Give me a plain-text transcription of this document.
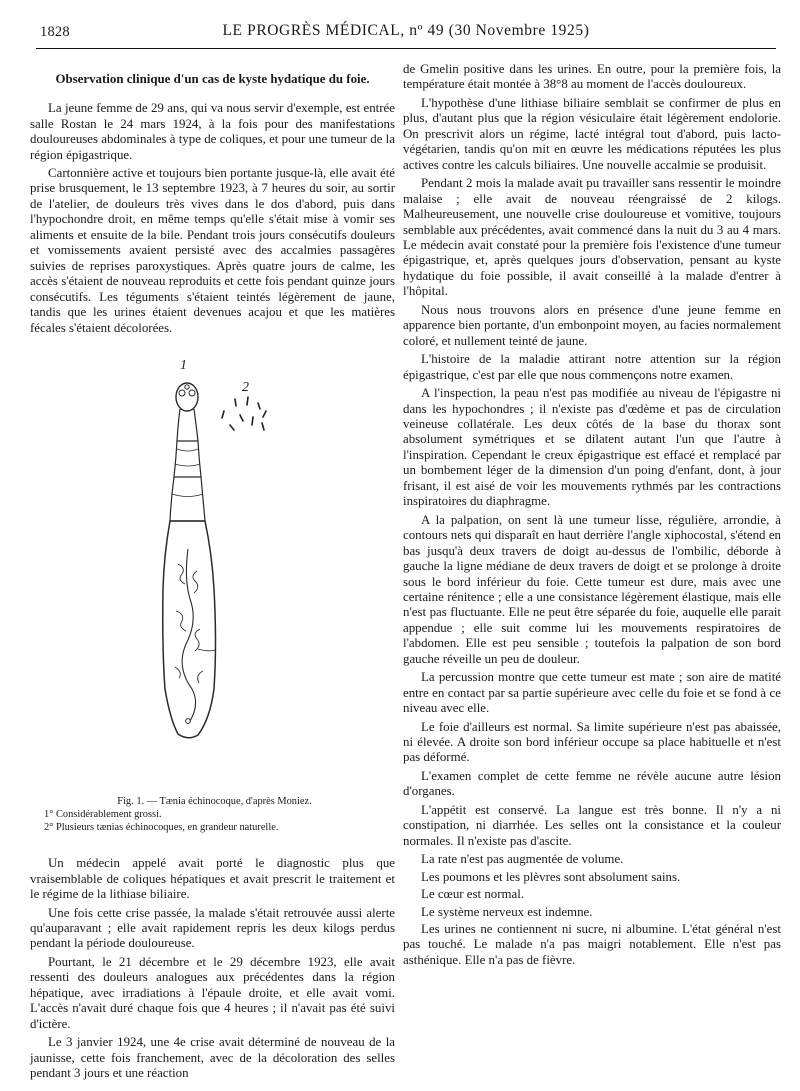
1828	LE PROGRÈS MÉDICAL, nº 49 (30 Novembre 1925)
Observation clinique d'un cas de kyste hydatique du foie.

La jeune femme de 29 ans, qui va nous servir d'exemple, est entrée salle Rostan le 24 mars 1924, à la fois pour des manifestations douloureuses abdominales à type de coliques, et pour une tumeur de la région épigastrique.

Cartonnière active et toujours bien portante jusque-là, elle avait été prise brusquement, le 13 septembre 1923, à 7 heures du soir, au sortir de l'atelier, de douleurs très vives dans le dos d'abord, puis dans l'hypochondre droit, en même temps qu'elle s'était mise à vomir ses aliments et ensuite de la bile. Pendant trois jours consécutifs douleurs et vomissements avaient persisté avec des accalmies passagères suivies de reprises paroxystiques. Après quatre jours de calme, les accès s'étaient de nouveau reproduits et cette fois pendant quinze jours consécutifs. Les téguments s'étaient teintés légèrement de jaune, tandis que les urines étaient devenues acajou et que les matières fécales s'étaient décolorées.

1
2
Fig. 1. — Tænia échinocoque, d'après Moniez.
1° Considérablement grossi.
2° Plusieurs tænias échinocoques, en grandeur naturelle.

Un médecin appelé avait porté le diagnostic plus que vraisemblable de coliques hépatiques et avait prescrit le traitement et le régime de la lithiase biliaire.

Une fois cette crise passée, la malade s'était retrouvée aussi alerte qu'auparavant ; elle avait rapidement repris les deux kilogs perdus pendant la période douloureuse.

Pourtant, le 21 décembre et le 29 décembre 1923, elle avait ressenti des douleurs analogues aux précédentes dans la région hépatique, avec irradiations à l'épaule droite, et elle avait vomi. L'accès n'avait duré chaque fois que 4 heures ; il n'avait pas été suivi d'ictère.

Le 3 janvier 1924, une 4e crise avait déterminé de nouveau de la jaunisse, cette fois franchement, avec de la décoloration des selles pendant 3 jours et une réaction

de Gmelin positive dans les urines. En outre, pour la première fois, la température était montée à 38°8 au moment de l'accès douloureux.

L'hypothèse d'une lithiase biliaire semblait se confirmer de plus en plus, d'autant plus que la région vésiculaire était légèrement endolorie. On prescrivit alors un régime, lacté intégral tout d'abord, puis lacto-végétarien, tandis qu'on mit en œuvre les médications réputées les plus actives contre les calculs biliaires. Une nouvelle accalmie se produisit.

Pendant 2 mois la malade avait pu travailler sans ressentir le moindre malaise ; elle avait de nouveau réengraissé de 2 kilogs. Malheureusement, une nouvelle crise douloureuse et vomitive, toujours semblable aux précédentes, avait commencé dans la nuit du 3 au 4 mars. Le médecin avait constaté pour la première fois l'existence d'une tumeur épigastrique, et, après quelques jours d'observation, pensant au kyste hydatique du foie possible, il avait conseillé à la malade d'entrer à l'hôpital.

Nous nous trouvons alors en présence d'une jeune femme en apparence bien portante, d'un embonpoint moyen, au facies normalement coloré, et nullement teinté de jaune.

L'histoire de la maladie attirant notre attention sur la région épigastrique, c'est par elle que nous commençons notre examen.

A l'inspection, la peau n'est pas modifiée au niveau de l'épigastre ni dans les hypochondres ; il n'existe pas d'œdème et pas de circulation veineuse collatérale. Les deux côtés de la base du thorax sont absolument symétriques et se dilatent autant l'un que l'autre à l'inspiration. Cependant le creux épigastrique est effacé et remplacé par un bombement léger de la dimension d'un poing d'enfant, dont, à jour frisant, il est aisé de voir les mouvements rythmés par les contractions inspiratoires du diaphragme.

A la palpation, on sent là une tumeur lisse, régulière, arrondie, à contours nets qui disparaît en haut derrière l'angle xiphocostal, s'étend en bas jusqu'à deux travers de doigt au-dessus de l'ombilic, déborde à gauche la ligne médiane de deux travers de doigt et se prolonge à droite sous le bord inférieur du foie. Cette tumeur est dure, mais avec une certaine rénitence ; elle a une consistance légèrement élastique, mais elle n'est pas fluctuante. Elle ne peut être séparée du foie, auquelle elle parait appendue ; elle suit comme lui les mouvements respiratoires de l'abdomen. Elle est peu sensible ; toutefois la palpation de son bord gauche réveille un peu de douleur.

La percussion montre que cette tumeur est mate ; son aire de matité entre en contact par sa partie supérieure avec celle du foie et se fond à ce niveau avec elle.

Le foie d'ailleurs est normal. Sa limite supérieure n'est pas abaissée, ni élevée. A droite son bord inférieur occupe sa place habituelle et n'est pas déformé.

L'examen complet de cette femme ne révèle aucune autre lésion d'organes.

L'appétit est conservé. La langue est très bonne. Il n'y a ni constipation, ni diarrhée. Les selles ont la consistance et la couleur normales. Il n'existe pas d'ascite.

La rate n'est pas augmentée de volume.

Les poumons et les plèvres sont absolument sains.

Le cœur est normal.

Le système nerveux est indemne.

Les urines ne contiennent ni sucre, ni albumine. L'état général n'est pas touché. Le malade n'a pas maigri notablement. Elle n'est pas asthénique. Elle n'a pas de fièvre.
